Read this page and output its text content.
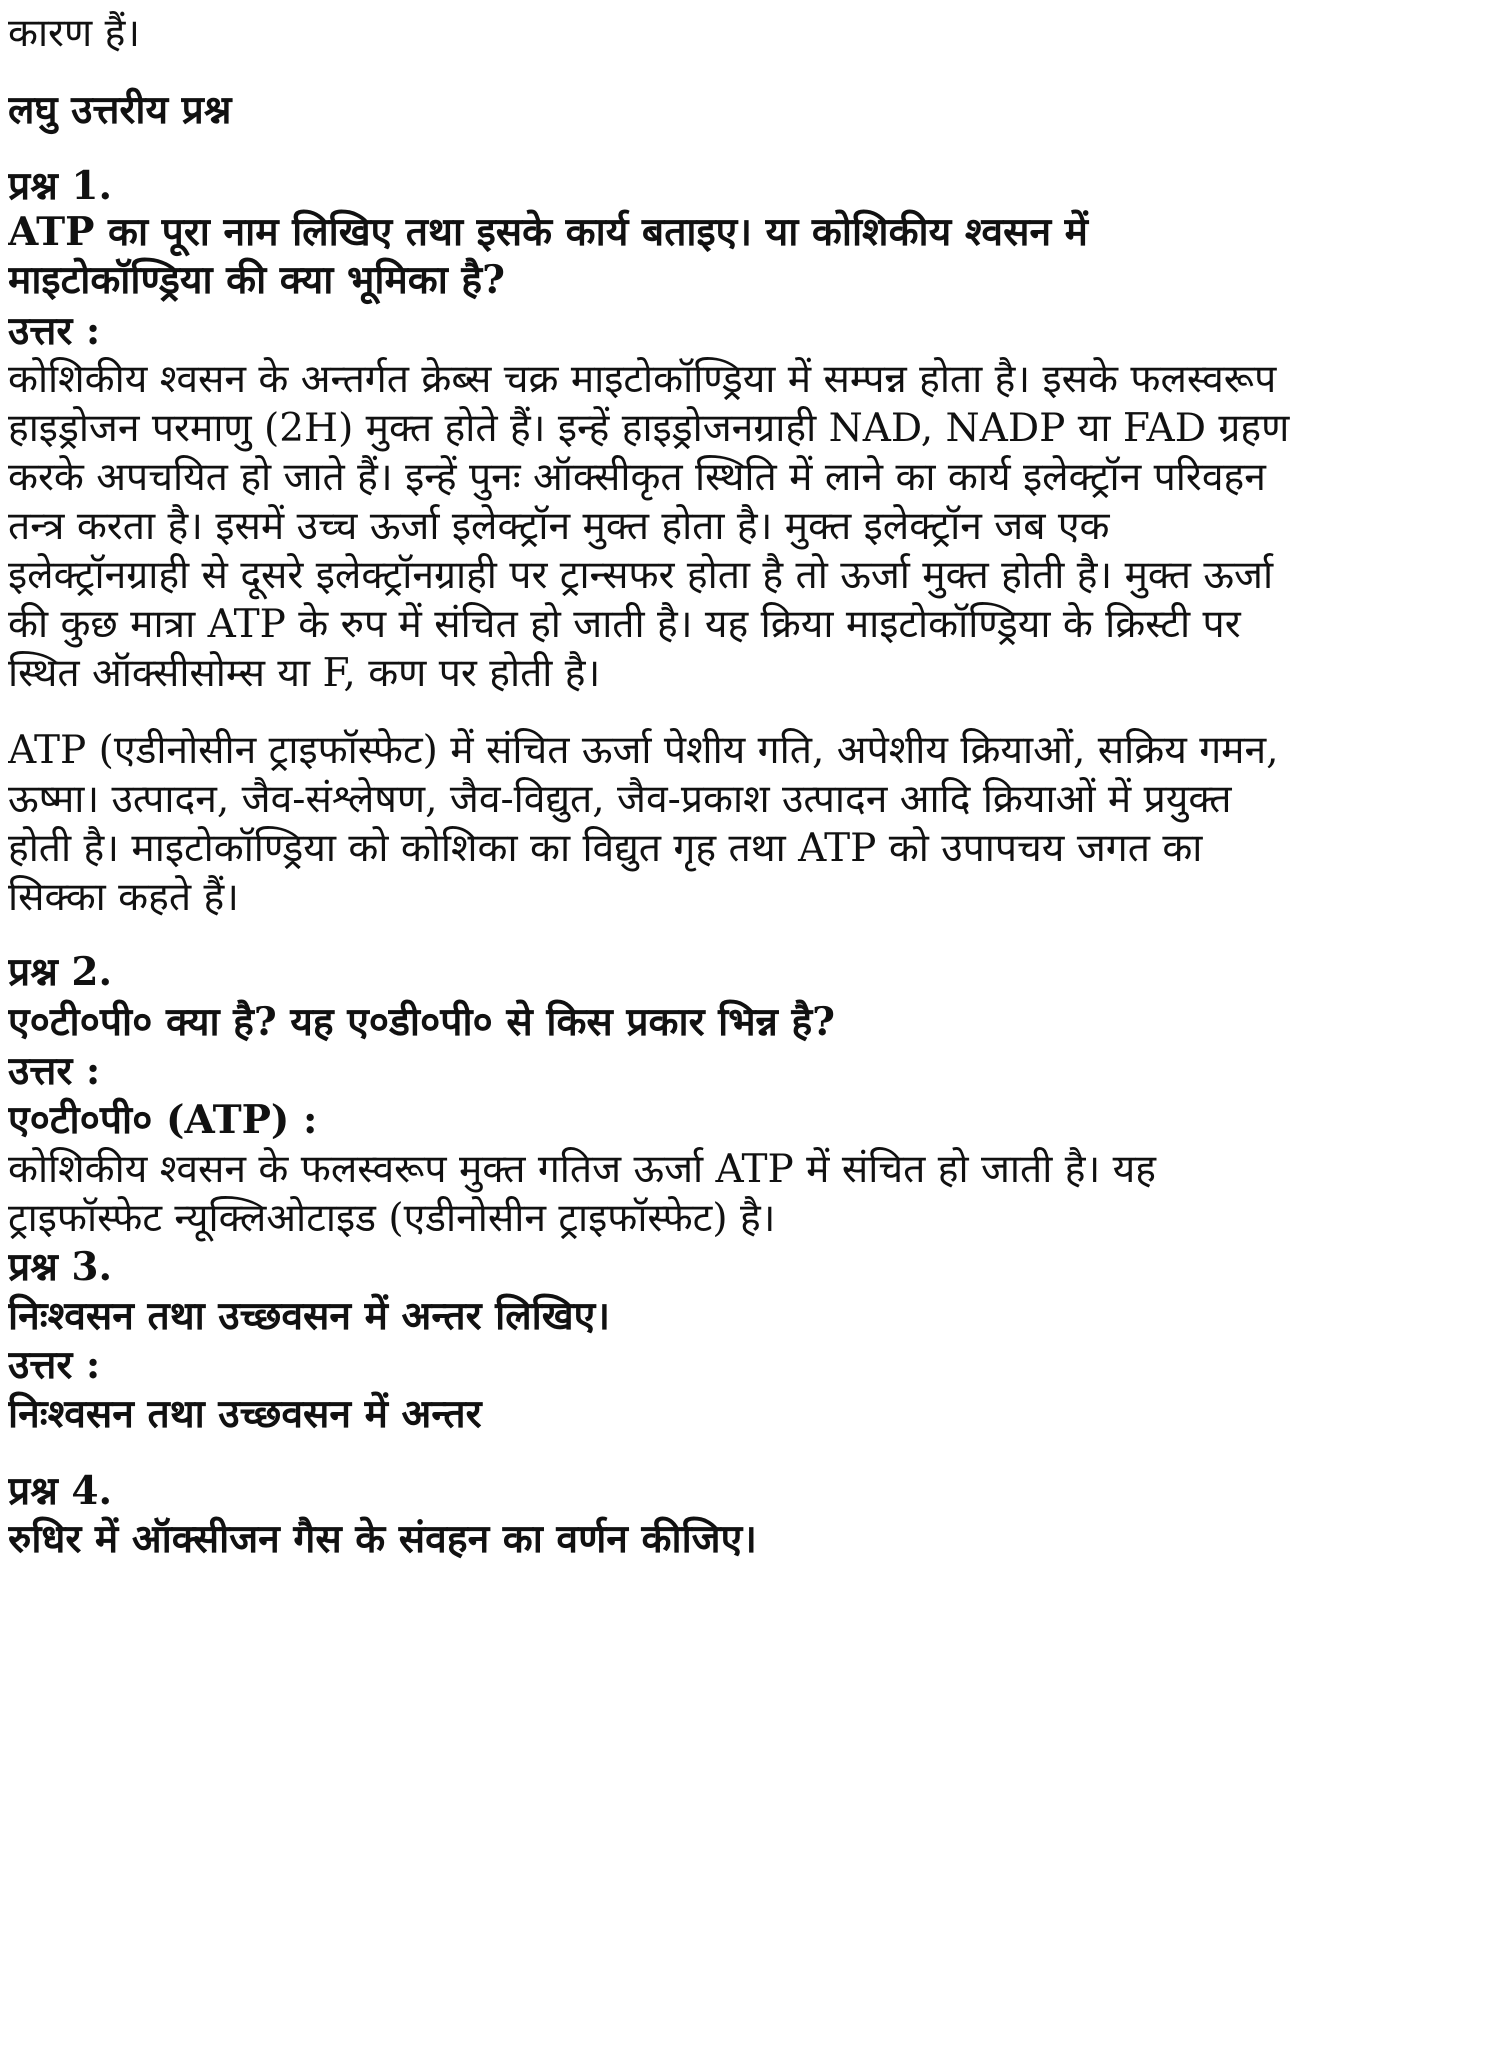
कारण हैं।
लघु उत्तरीय प्रश्न
प्रश्न 1.
ATP का पूरा नाम लिखिए तथा इसके कार्य बताइए। या कोशिकीय श्वसन में
माइटोकॉण्ड्रिया की क्या भूमिका है?
उत्तर :
कोशिकीय श्वसन के अन्तर्गत क्रेब्स चक्र माइटोकॉण्ड्रिया में सम्पन्न होता है। इसके फलस्वरूप
हाइड्रोजन परमाणु (2H) मुक्त होते हैं। इन्हें हाइड्रोजनग्राही NAD, NADP या FAD ग्रहण
करके अपचयित हो जाते हैं। इन्हें पुनः ऑक्सीकृत स्थिति में लाने का कार्य इलेक्ट्रॉन परिवहन
तन्त्र करता है। इसमें उच्च ऊर्जा इलेक्ट्रॉन मुक्त होता है। मुक्त इलेक्ट्रॉन जब एक
इलेक्ट्रॉनग्राही से दूसरे इलेक्ट्रॉनग्राही पर ट्रान्सफर होता है तो ऊर्जा मुक्त होती है। मुक्त ऊर्जा
की कुछ मात्रा ATP के रुप में संचित हो जाती है। यह क्रिया माइटोकॉण्ड्रिया के क्रिस्टी पर
स्थित ऑक्सीसोम्स या F, कण पर होती है।
ATP (एडीनोसीन ट्राइफॉस्फेट) में संचित ऊर्जा पेशीय गति, अपेशीय क्रियाओं, सक्रिय गमन,
ऊष्मा। उत्पादन, जैव-संश्लेषण, जैव-विद्युत, जैव-प्रकाश उत्पादन आदि क्रियाओं में प्रयुक्त
होती है। माइटोकॉण्ड्रिया को कोशिका का विद्युत गृह तथा ATP को उपापचय जगत का
सिक्का कहते हैं।
प्रश्न 2.
ए०टी०पी० क्या है? यह ए०डी०पी० से किस प्रकार भिन्न है?
उत्तर :
ए०टी०पी० (ATP) :
कोशिकीय श्वसन के फलस्वरूप मुक्त गतिज ऊर्जा ATP में संचित हो जाती है। यह
ट्राइफॉस्फेट न्यूक्लिओटाइड (एडीनोसीन ट्राइफॉस्फेट) है।
प्रश्न 3.
निःश्वसन तथा उच्छवसन में अन्तर लिखिए।
उत्तर :
निःश्वसन तथा उच्छवसन में अन्तर
प्रश्न 4.
रुधिर में ऑक्सीजन गैस के संवहन का वर्णन कीजिए।
